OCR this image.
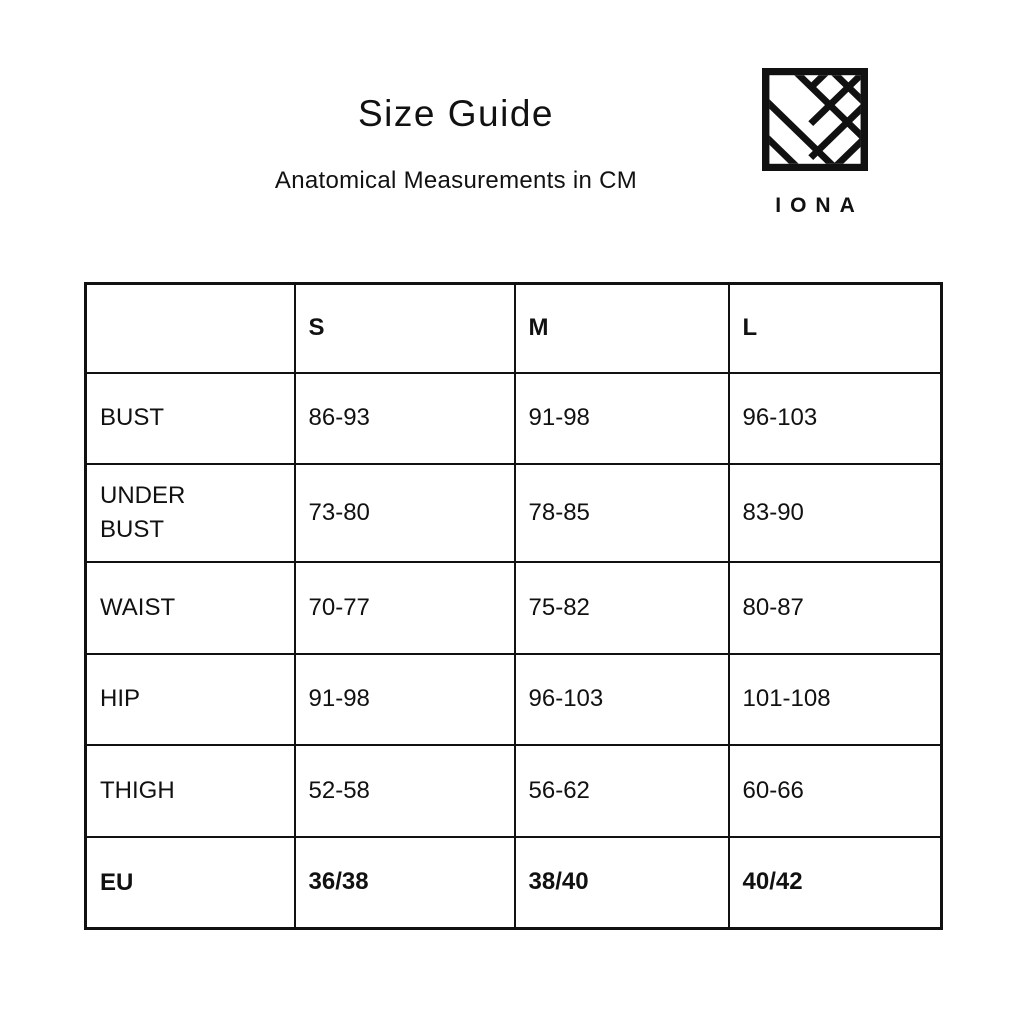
Size Guide
Anatomical Measurements in CM
IONA
	S	M	L
BUST	86-93	91-98	96-103
UNDER BUST	73-80	78-85	83-90
WAIST	70-77	75-82	80-87
HIP	91-98	96-103	101-108
THIGH	52-58	56-62	60-66
EU	36/38	38/40	40/42
